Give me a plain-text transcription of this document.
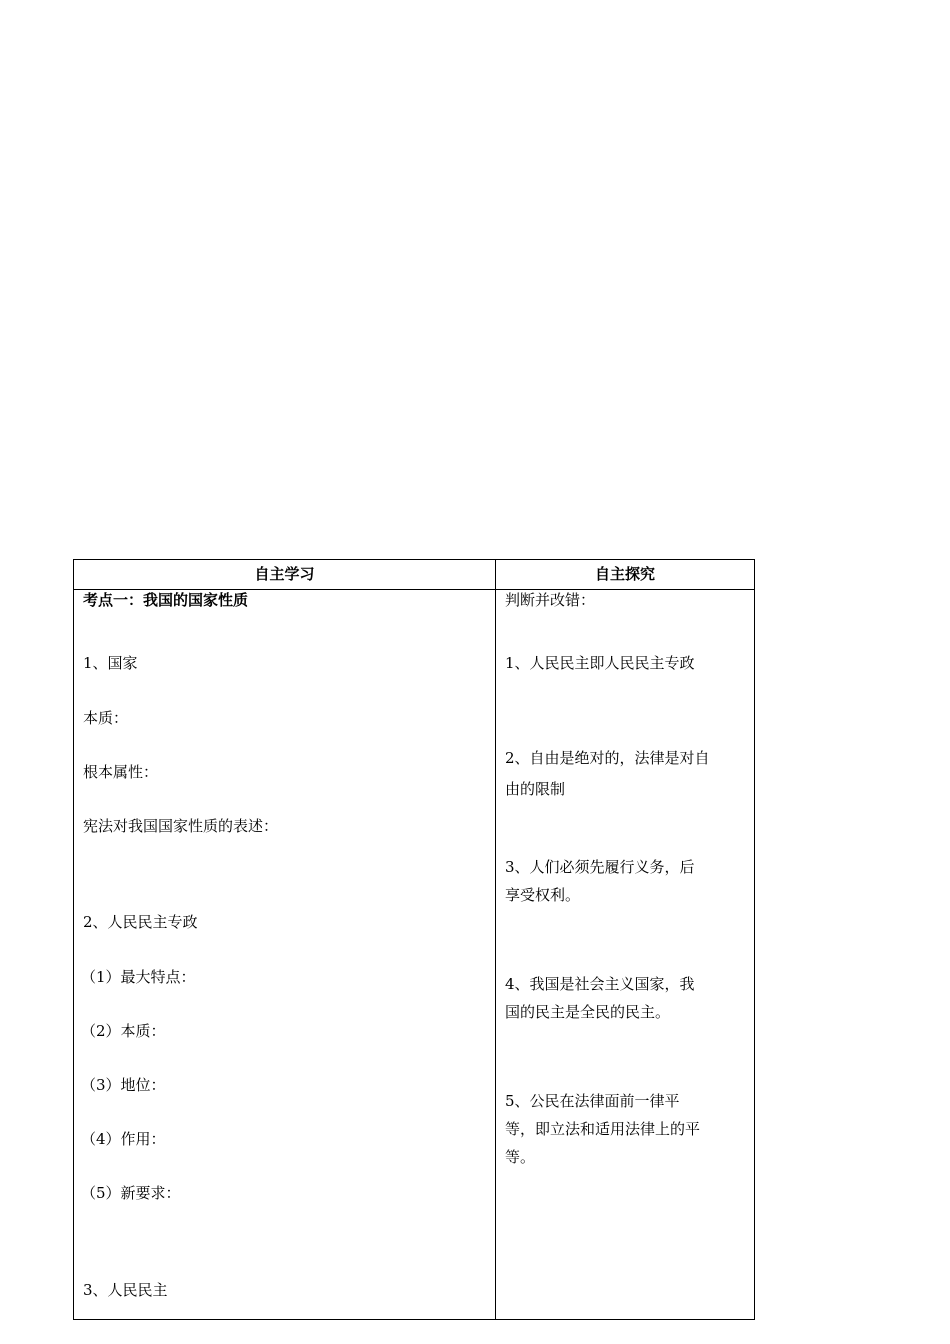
自主学习	自主探究
考点一：我国的国家性质
1、国家
本质：
根本属性：
宪法对我国国家性质的表述：
2、人民民主专政
（1）最大特点：
（2）本质：
（3）地位：
（4）作用：
（5）新要求：
3、人民民主
判断并改错：
1、人民民主即人民民主专政
2、自由是绝对的，法律是对自
由的限制
3、人们必须先履行义务，后
享受权利。
4、我国是社会主义国家，我
国的民主是全民的民主。
5、公民在法律面前一律平
等，即立法和适用法律上的平
等。
